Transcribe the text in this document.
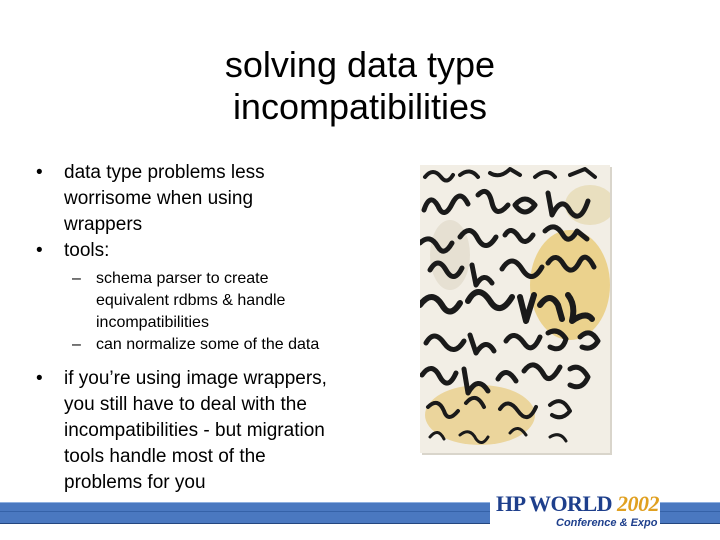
solving data type
incompatibilities
• data type problems less
worrisome when using
wrappers
• tools:
– schema parser to create
equivalent rdbms & handle
incompatibilities
– can normalize some of the data
• if you’re using image wrappers,
you still have to deal with the
incompatibilities - but migration
tools handle most of the
problems for you
HP WORLD 2002
Conference & Expo
